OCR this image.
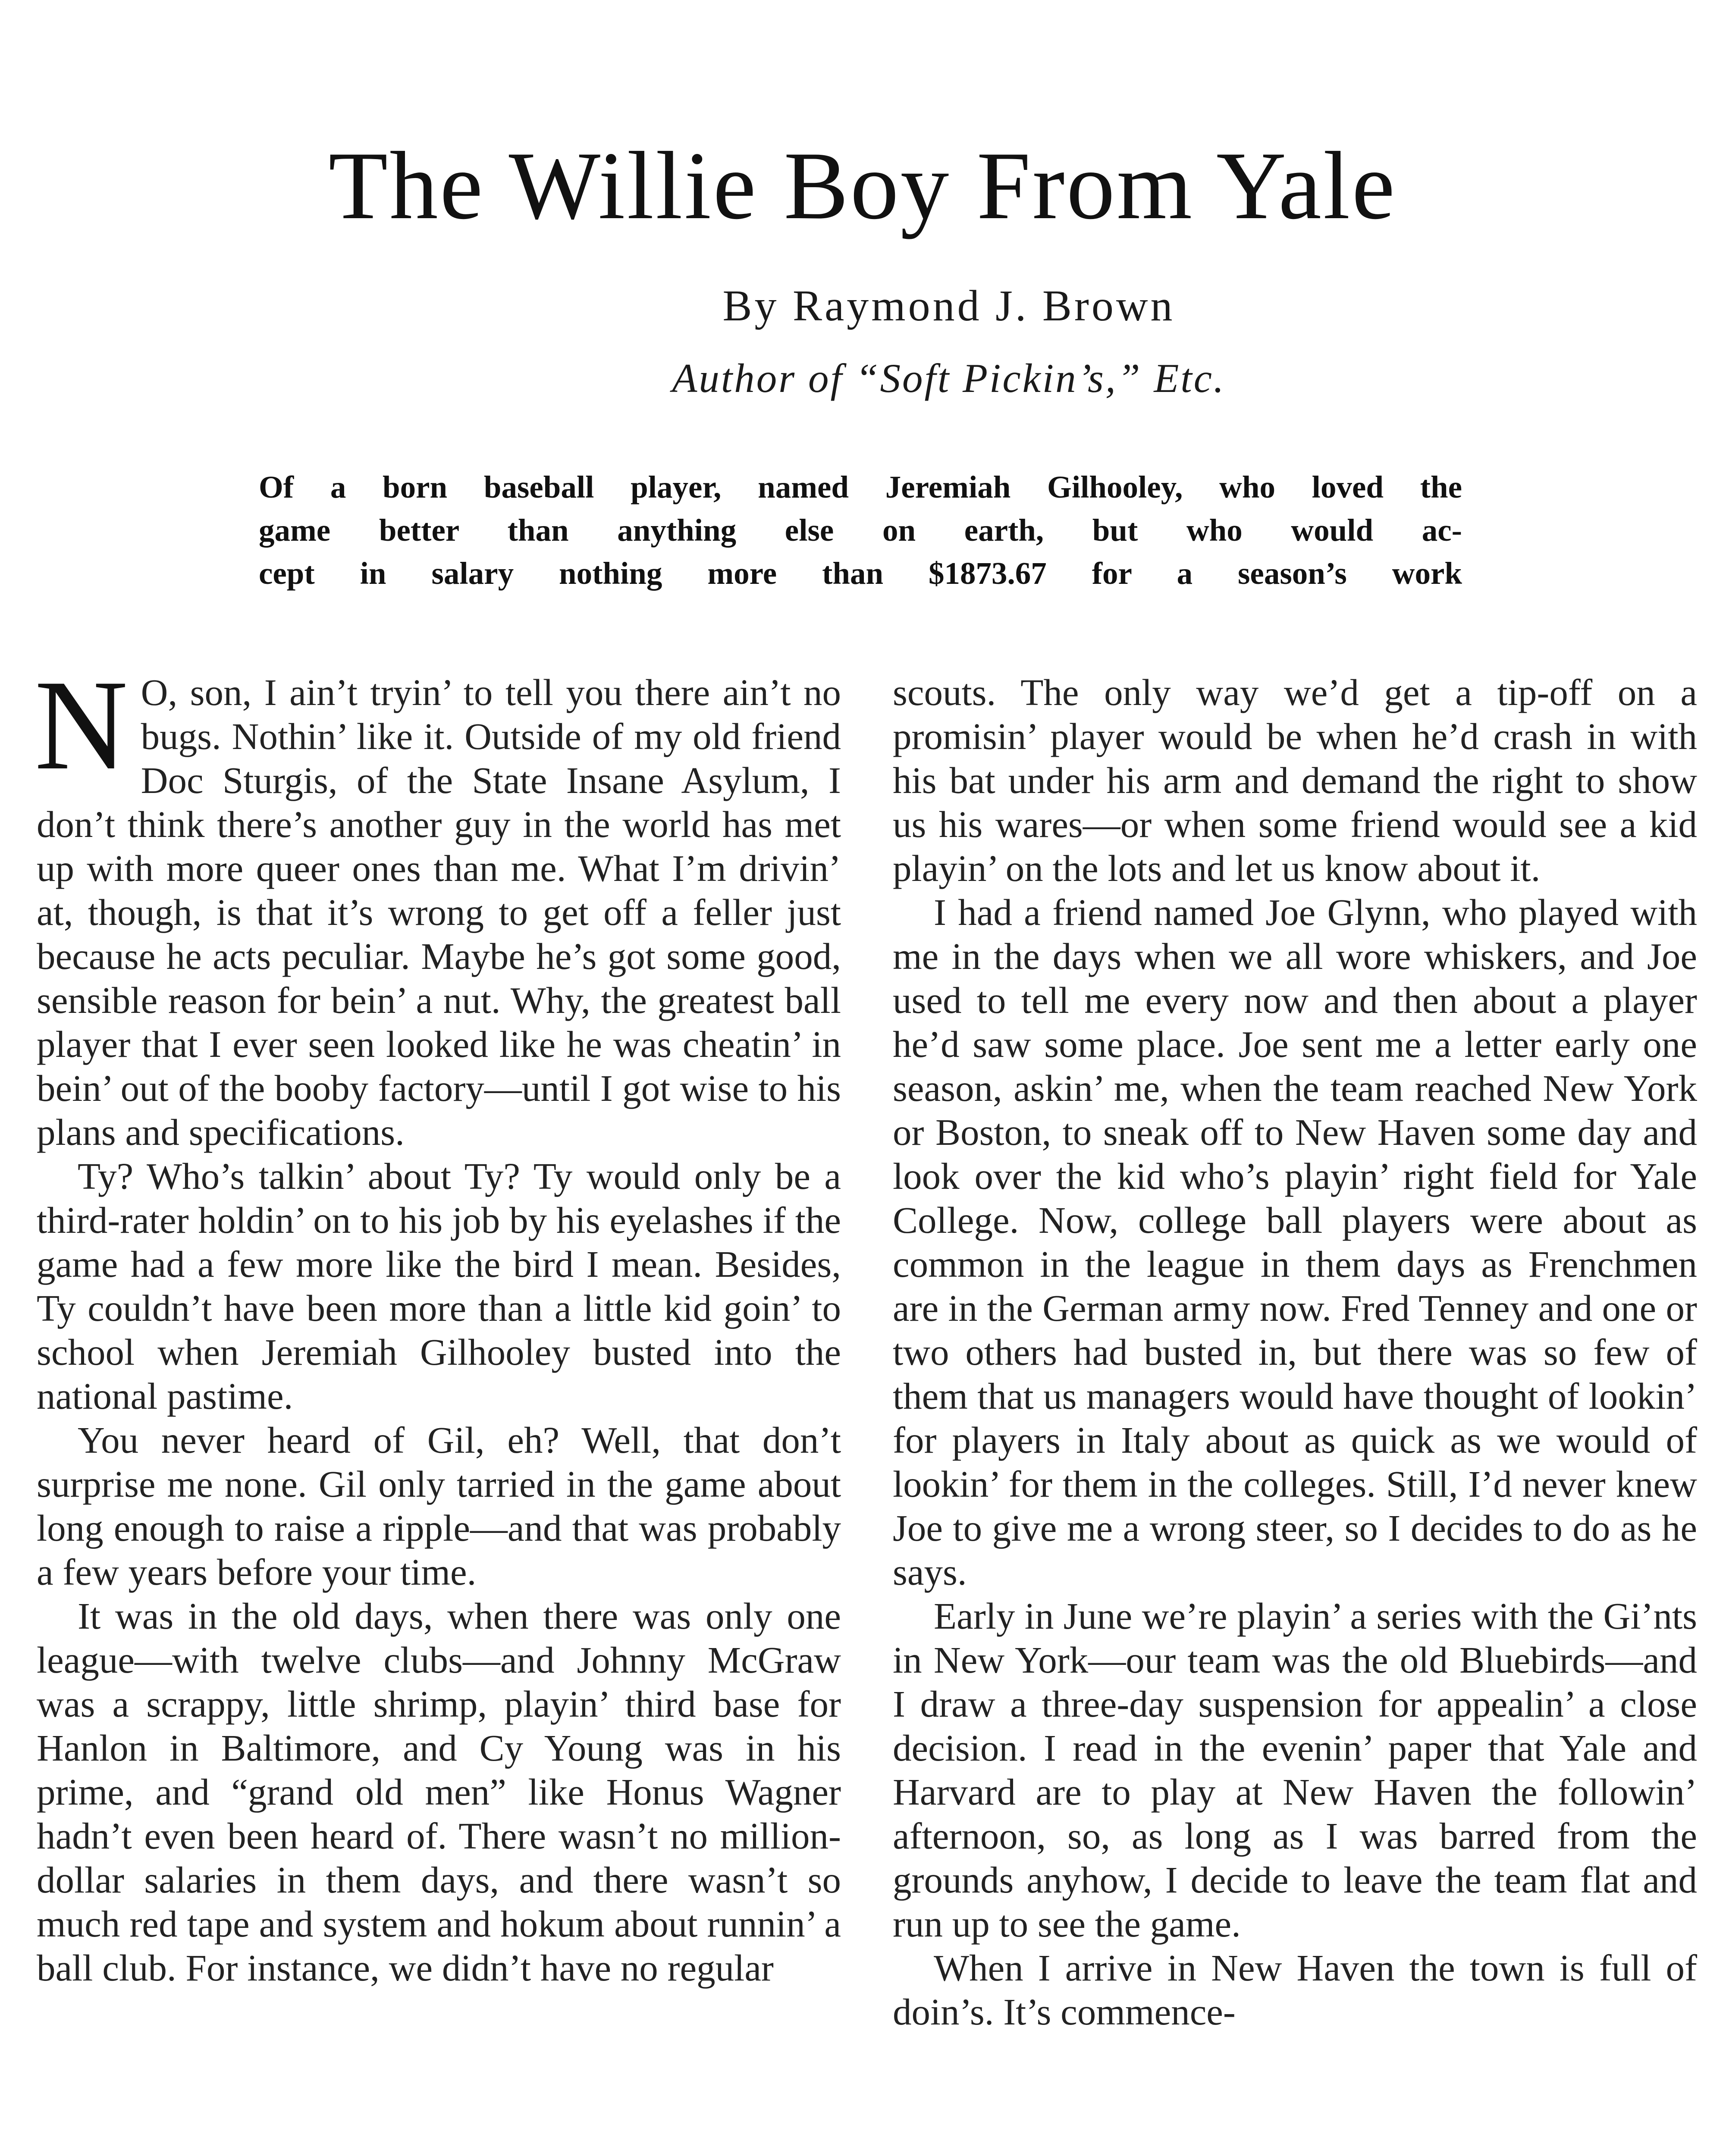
The Willie Boy From Yale
By Raymond J. Brown
Author of “Soft Pickin’s,” Etc.
Of a born baseball player, named Jeremiah Gilhooley, who loved the
game better than anything else on earth, but who would ac-
cept in salary nothing more than $1873.67 for a season’s work

N O, son, I ain’t tryin’ to tell you there ain’t no bugs. Nothin’ like it. Outside of my old friend Doc Sturgis, of the State Insane Asylum, I don’t think there’s another guy in the world has met up with more queer ones than me. What I’m drivin’ at, though, is that it’s wrong to get off a feller just because he acts peculiar. Maybe he’s got some good, sensible reason for bein’ a nut. Why, the greatest ball player that I ever seen looked like he was cheatin’ in bein’ out of the booby factory—until I got wise to his plans and specifications.

Ty? Who’s talkin’ about Ty? Ty would only be a third-rater holdin’ on to his job by his eyelashes if the game had a few more like the bird I mean. Besides, Ty couldn’t have been more than a little kid goin’ to school when Jeremiah Gilhooley busted into the national pastime.

You never heard of Gil, eh? Well, that don’t surprise me none. Gil only tarried in the game about long enough to raise a ripple—and that was probably a few years before your time.

It was in the old days, when there was only one league—with twelve clubs—and Johnny McGraw was a scrappy, little shrimp, playin’ third base for Hanlon in Baltimore, and Cy Young was in his prime, and “grand old men” like Honus Wagner hadn’t even been heard of. There wasn’t no million-dollar salaries in them days, and there wasn’t so much red tape and system and hokum about runnin’ a ball club. For instance, we didn’t have no regular

scouts. The only way we’d get a tip-off on a promisin’ player would be when he’d crash in with his bat under his arm and demand the right to show us his wares—or when some friend would see a kid playin’ on the lots and let us know about it.

I had a friend named Joe Glynn, who played with me in the days when we all wore whiskers, and Joe used to tell me every now and then about a player he’d saw some place. Joe sent me a letter early one season, askin’ me, when the team reached New York or Boston, to sneak off to New Haven some day and look over the kid who’s playin’ right field for Yale College. Now, college ball players were about as common in the league in them days as Frenchmen are in the German army now. Fred Tenney and one or two others had busted in, but there was so few of them that us managers would have thought of lookin’ for players in Italy about as quick as we would of lookin’ for them in the colleges. Still, I’d never knew Joe to give me a wrong steer, so I decides to do as he says.

Early in June we’re playin’ a series with the Gi’nts in New York—our team was the old Bluebirds—and I draw a three-day suspension for appealin’ a close decision. I read in the evenin’ paper that Yale and Harvard are to play at New Haven the followin’ afternoon, so, as long as I was barred from the grounds anyhow, I decide to leave the team flat and run up to see the game.

When I arrive in New Haven the town is full of doin’s. It’s commence-
